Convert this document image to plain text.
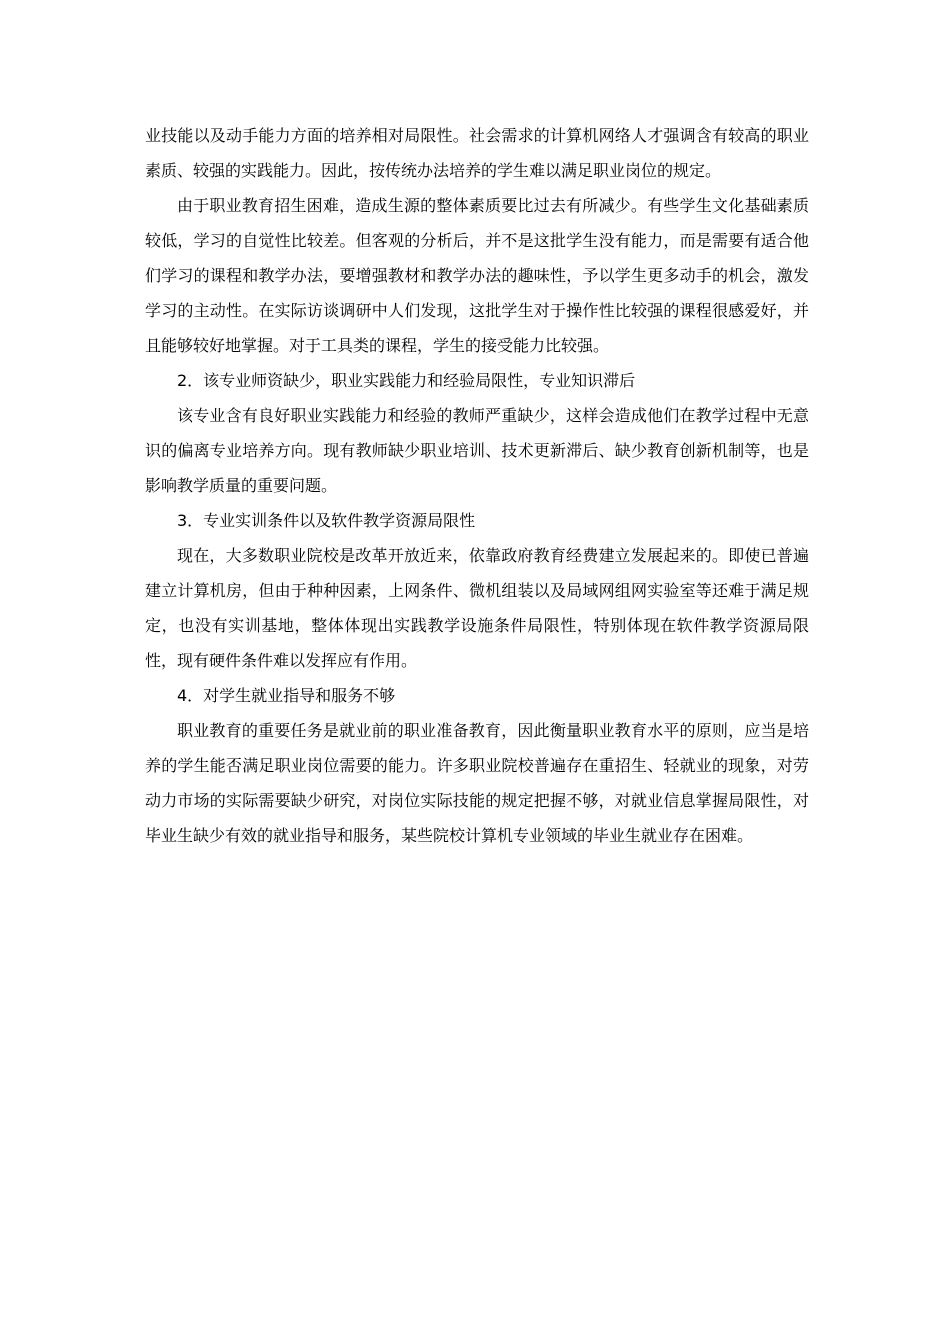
业技能以及动手能力方面的培养相对局限性。社会需求的计算机网络人才强调含有较高的职业素质、较强的实践能力。因此，按传统办法培养的学生难以满足职业岗位的规定。

由于职业教育招生困难，造成生源的整体素质要比过去有所减少。有些学生文化基础素质较低，学习的自觉性比较差。但客观的分析后，并不是这批学生没有能力，而是需要有适合他们学习的课程和教学办法，要增强教材和教学办法的趣味性，予以学生更多动手的机会，激发学习的主动性。在实际访谈调研中人们发现，这批学生对于操作性比较强的课程很感爱好，并且能够较好地掌握。对于工具类的课程，学生的接受能力比较强。

2．该专业师资缺少，职业实践能力和经验局限性，专业知识滞后

该专业含有良好职业实践能力和经验的教师严重缺少，这样会造成他们在教学过程中无意识的偏离专业培养方向。现有教师缺少职业培训、技术更新滞后、缺少教育创新机制等，也是影响教学质量的重要问题。

3．专业实训条件以及软件教学资源局限性

现在，大多数职业院校是改革开放近来，依靠政府教育经费建立发展起来的。即使已普遍建立计算机房，但由于种种因素，上网条件、微机组装以及局域网组网实验室等还难于满足规定，也没有实训基地，整体体现出实践教学设施条件局限性，特别体现在软件教学资源局限性，现有硬件条件难以发挥应有作用。

4．对学生就业指导和服务不够

职业教育的重要任务是就业前的职业准备教育，因此衡量职业教育水平的原则，应当是培养的学生能否满足职业岗位需要的能力。许多职业院校普遍存在重招生、轻就业的现象，对劳动力市场的实际需要缺少研究，对岗位实际技能的规定把握不够，对就业信息掌握局限性，对毕业生缺少有效的就业指导和服务，某些院校计算机专业领域的毕业生就业存在困难。
